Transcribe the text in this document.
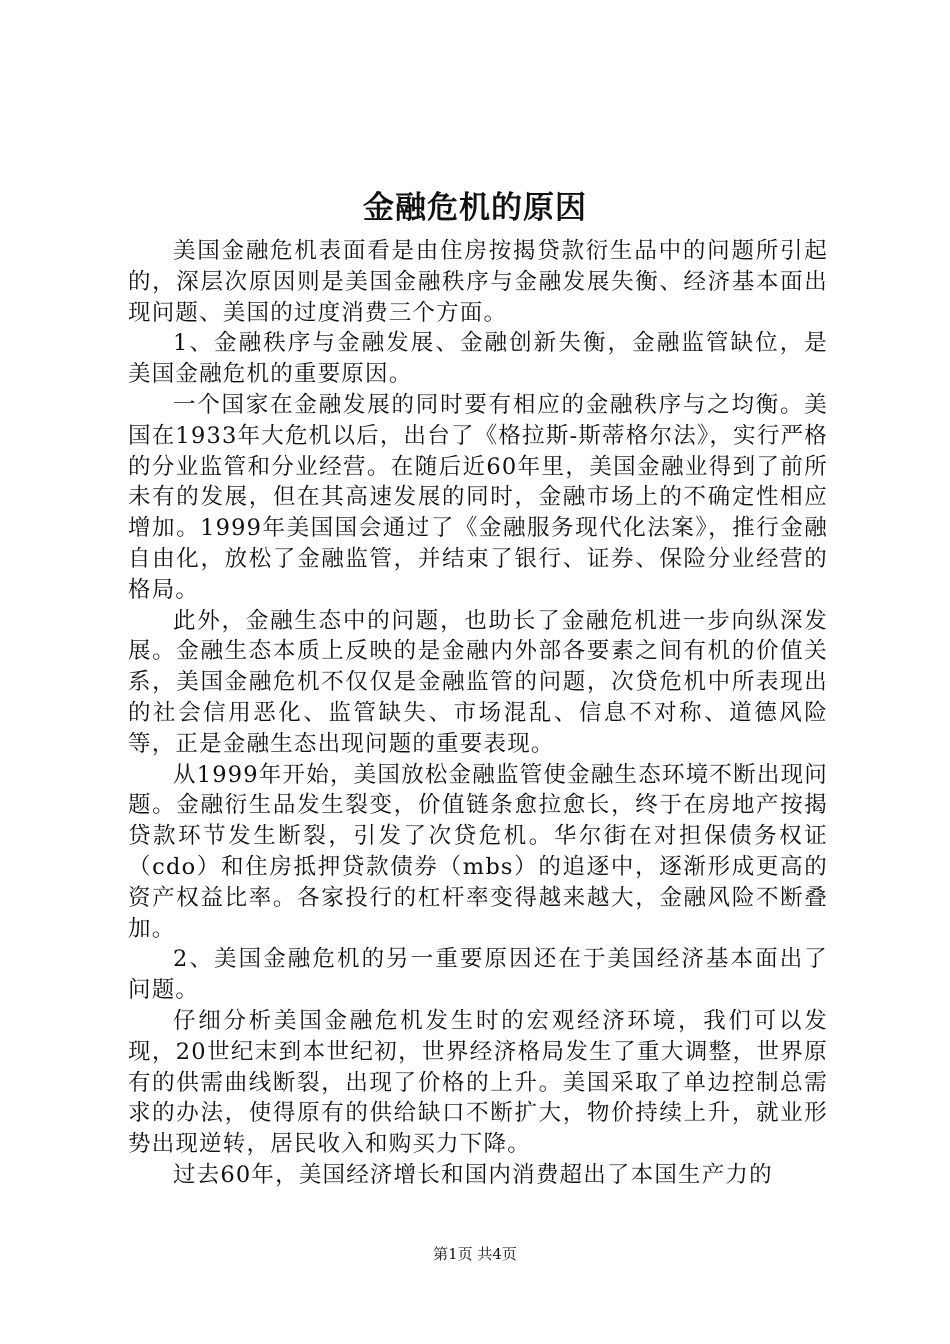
金融危机的原因

美国金融危机表面看是由住房按揭贷款衍生品中的问题所引起的，深层次原因则是美国金融秩序与金融发展失衡、经济基本面出现问题、美国的过度消费三个方面。

1、金融秩序与金融发展、金融创新失衡，金融监管缺位，是美国金融危机的重要原因。

一个国家在金融发展的同时要有相应的金融秩序与之均衡。美国在1933年大危机以后，出台了《格拉斯-斯蒂格尔法》，实行严格的分业监管和分业经营。在随后近60年里，美国金融业得到了前所未有的发展，但在其高速发展的同时，金融市场上的不确定性相应增加。1999年美国国会通过了《金融服务现代化法案》，推行金融自由化，放松了金融监管，并结束了银行、证券、保险分业经营的格局。

此外，金融生态中的问题，也助长了金融危机进一步向纵深发展。金融生态本质上反映的是金融内外部各要素之间有机的价值关系，美国金融危机不仅仅是金融监管的问题，次贷危机中所表现出的社会信用恶化、监管缺失、市场混乱、信息不对称、道德风险等，正是金融生态出现问题的重要表现。

从1999年开始，美国放松金融监管使金融生态环境不断出现问题。金融衍生品发生裂变，价值链条愈拉愈长，终于在房地产按揭贷款环节发生断裂，引发了次贷危机。华尔街在对担保债务权证（cdo）和住房抵押贷款债券（mbs）的追逐中，逐渐形成更高的资产权益比率。各家投行的杠杆率变得越来越大，金融风险不断叠加。

2、美国金融危机的另一重要原因还在于美国经济基本面出了问题。

仔细分析美国金融危机发生时的宏观经济环境，我们可以发现，20世纪末到本世纪初，世界经济格局发生了重大调整，世界原有的供需曲线断裂，出现了价格的上升。美国采取了单边控制总需求的办法，使得原有的供给缺口不断扩大，物价持续上升，就业形势出现逆转，居民收入和购买力下降。

过去60年，美国经济增长和国内消费超出了本国生产力的

第1页 共4页
